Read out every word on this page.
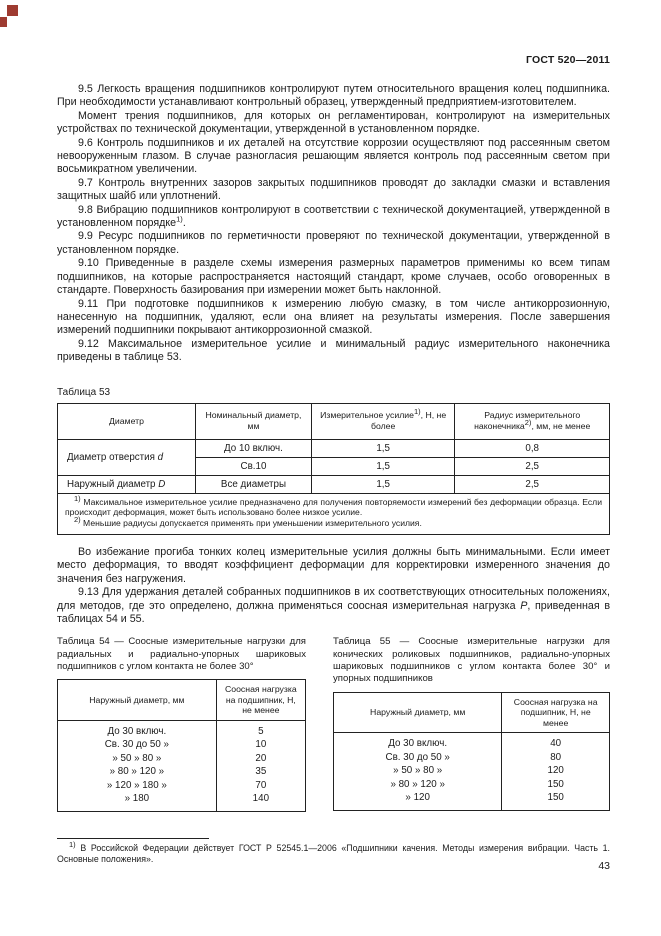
ГОСТ 520—2011

9.5 Легкость вращения подшипников контролируют путем относительного вращения колец подшипника. При необходимости устанавливают контрольный образец, утвержденный предприятием-изготовителем.

Момент трения подшипников, для которых он регламентирован, контролируют на измерительных устройствах по технической документации, утвержденной в установленном порядке.

9.6 Контроль подшипников и их деталей на отсутствие коррозии осуществляют под рассеянным светом невооруженным глазом. В случае разногласия решающим является контроль под рассеянным светом при восьмикратном увеличении.

9.7 Контроль внутренних зазоров закрытых подшипников проводят до закладки смазки и вставления защитных шайб или уплотнений.

9.8 Вибрацию подшипников контролируют в соответствии с технической документацией, утвержденной в установленном порядке$^{1)}$.

9.9 Ресурс подшипников по герметичности проверяют по технической документации, утвержденной в установленном порядке.

9.10 Приведенные в разделе схемы измерения размерных параметров применимы ко всем типам подшипников, на которые распространяется настоящий стандарт, кроме случаев, особо оговоренных в стандарте. Поверхность базирования при измерении может быть наклонной.

9.11 При подготовке подшипников к измерению любую смазку, в том числе антикоррозионную, нанесенную на подшипник, удаляют, если она влияет на результаты измерения. После завершения измерений подшипники покрывают антикоррозионной смазкой.

9.12 Максимальное измерительное усилие и минимальный радиус измерительного наконечника приведены в таблице 53.

Таблица 53
Диаметр	Номинальный диаметр, мм	Измерительное усилие$^{1)}$, Н, не более	Радиус измерительного наконечника$^{2)}$, мм, не менее
Диаметр отверстия d	До 10 включ.	1,5	0,8
	Св.10	1,5	2,5
Наружный диаметр D	Все диаметры	1,5	2,5

$^{1)}$ Максимальное измерительное усилие предназначено для получения повторяемости измерений без деформации образца. Если происходит деформация, может быть использовано более низкое усилие.
$^{2)}$ Меньшие радиусы допускается применять при уменьшении измерительного усилия.			

Во избежание прогиба тонких колец измерительные усилия должны быть минимальными. Если имеет место деформация, то вводят коэффициент деформации для корректировки измеренного значения до значения без нагружения.

9.13 Для удержания деталей собранных подшипников в их соответствующих относительных положениях, для методов, где это определено, должна применяться соосная измерительная нагрузка Р, приведенная в таблицах 54 и 55.

Таблица 54 — Соосные измерительные нагрузки для радиальных и радиально-упорных шариковых подшипников с углом контакта не более 30°
Наружный диаметр, мм	Соосная нагрузка на подшипник, Н, не менее
До 30 включ.	5
Св. 30 до 50 »	10
» 50 » 80 »	20
» 80 » 120 »	35
» 120 » 180 »	70
» 180	140
Таблица 55 — Соосные измерительные нагрузки для конических роликовых подшипников, радиально-упорных шариковых подшипников с углом контакта более 30° и упорных подшипников
Наружный диаметр, мм	Соосная нагрузка на подшипник, Н, не менее
До 30 включ.	40
Св. 30 до 50 »	80
» 50 » 80 »	120
» 80 » 120 »	150
» 120	150

$^{1)}$ В Российской Федерации действует ГОСТ Р 52545.1—2006 «Подшипники качения. Методы измерения вибрации. Часть 1. Основные положения».

43
